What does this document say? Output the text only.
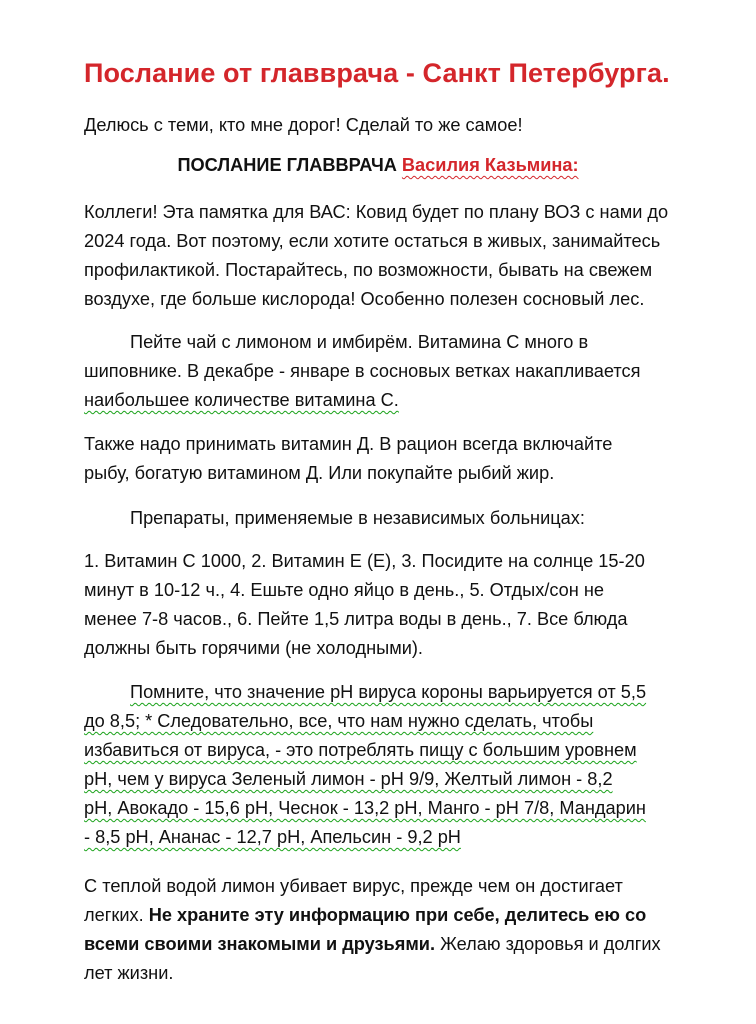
Послание от главврача - Санкт Петербурга.
Делюсь с теми, кто мне дорог! Сделай то же самое!
ПОСЛАНИЕ ГЛАВВРАЧА Василия Казьмина:
Коллеги! Эта памятка для ВАС: Ковид будет по плану ВОЗ с нами до
2024 года. Вот поэтому, если хотите остаться в живых, занимайтесь
профилактикой. Постарайтесь, по возможности, бывать на свежем
воздухе, где больше кислорода! Особенно полезен сосновый лес.
Пейте чай с лимоном и имбирём. Витамина С много в
шиповнике. В декабре - январе в сосновых ветках накапливается
наибольшее количестве витамина С.
Также надо принимать витамин Д. В рацион всегда включайте
рыбу, богатую витамином Д. Или покупайте рыбий жир.
Препараты, применяемые в независимых больницах:
1. Витамин С 1000, 2. Витамин Е (Е), 3. Посидите на солнце 15-20
минут в 10-12 ч., 4. Ешьте одно яйцо в день., 5. Отдых/сон не
менее 7-8 часов., 6. Пейте 1,5 литра воды в день., 7. Все блюда
должны быть горячими (не холодными).
Помните, что значение pH вируса короны варьируется от 5,5
до 8,5; * Следовательно, все, что нам нужно сделать, чтобы
избавиться от вируса, - это потреблять пищу с большим уровнем
pH, чем у вируса Зеленый лимон - pH 9/9, Желтый лимон - 8,2
pH, Авокадо - 15,6 pH, Чеснок - 13,2 pH, Манго - pH 7/8, Мандарин
- 8,5 pH, Ананас - 12,7 pH, Апельсин - 9,2 pH
С теплой водой лимон убивает вирус, прежде чем он достигает
легких. Не храните эту информацию при себе, делитесь ею со
всеми своими знакомыми и друзьями. Желаю здоровья и долгих
лет жизни.
